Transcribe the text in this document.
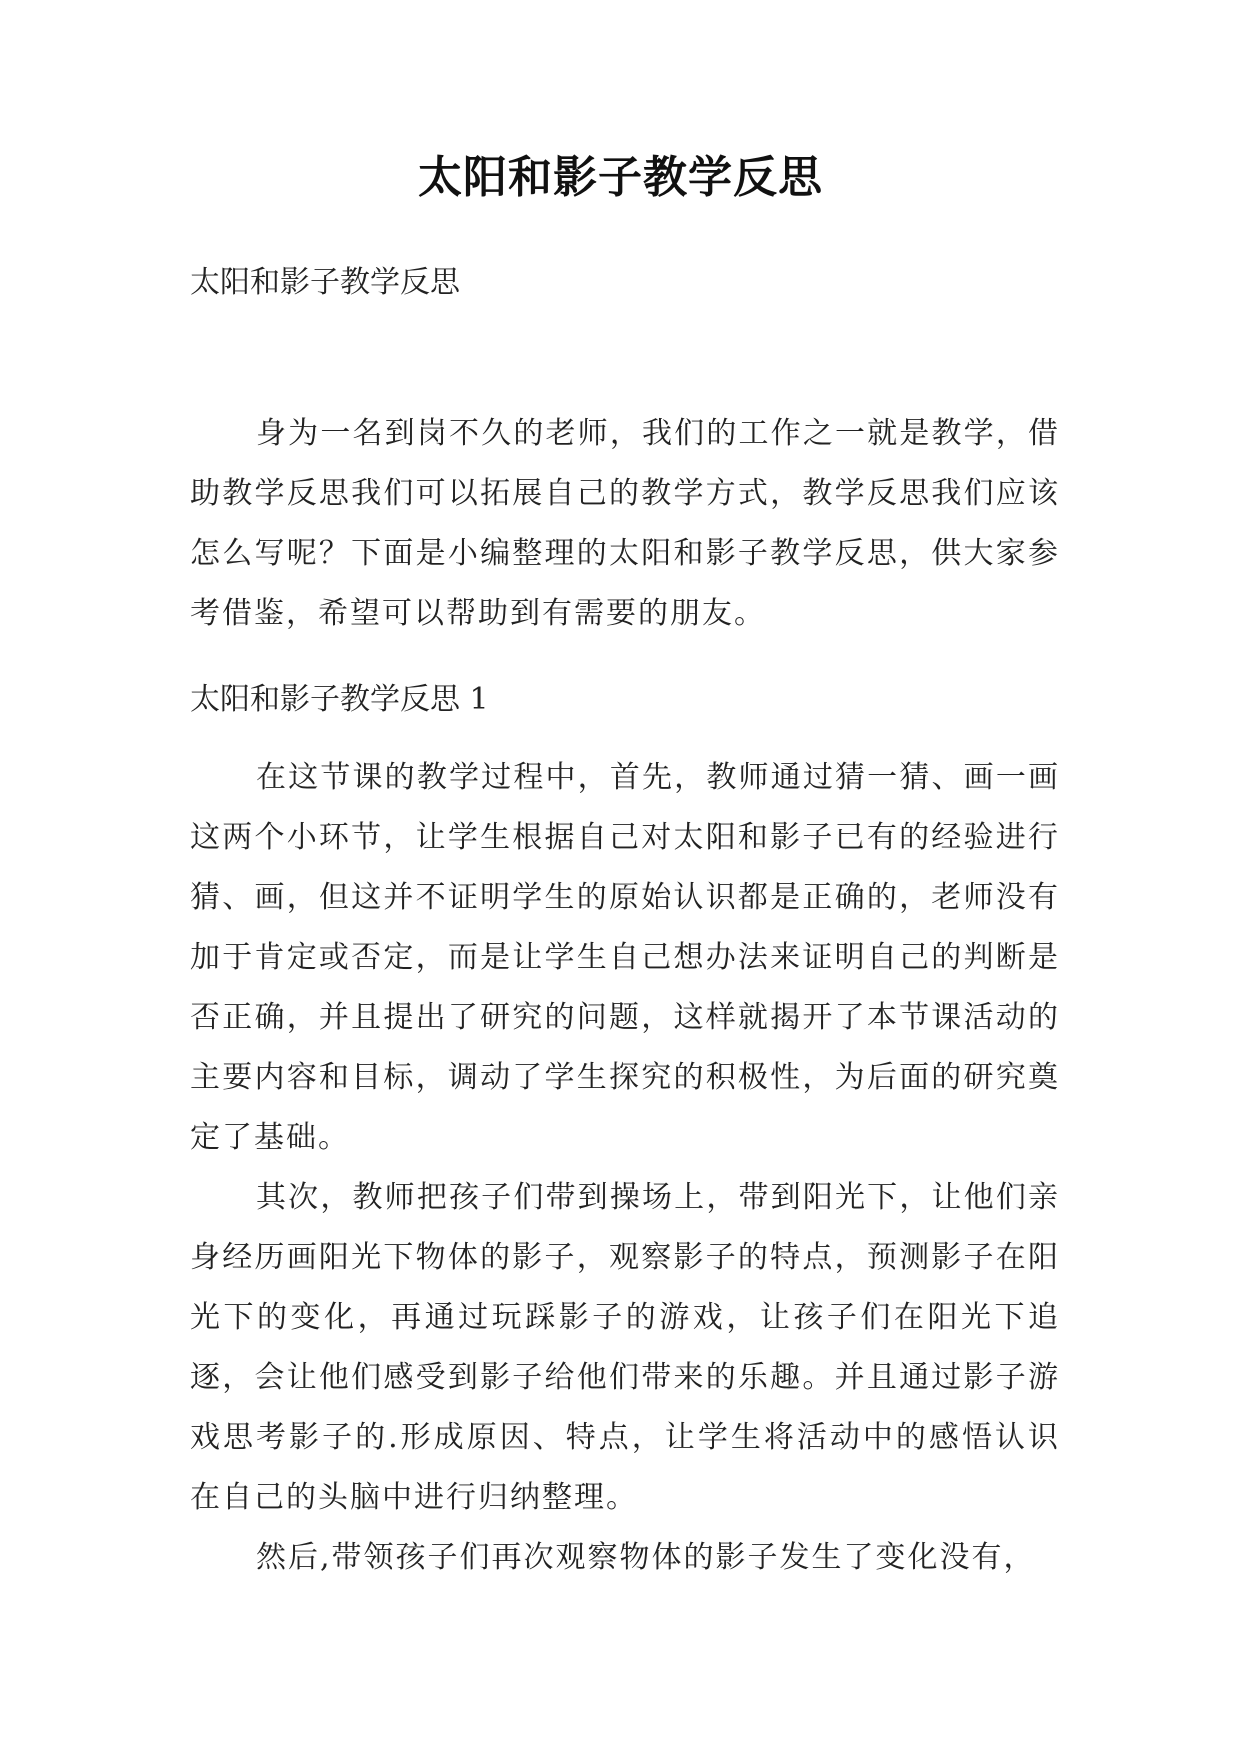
太阳和影子教学反思
太阳和影子教学反思

身为一名到岗不久的老师，我们的工作之一就是教学，借助教学反思我们可以拓展自己的教学方式，教学反思我们应该怎么写呢？下面是小编整理的太阳和影子教学反思，供大家参考借鉴，希望可以帮助到有需要的朋友。

太阳和影子教学反思 1

在这节课的教学过程中，首先，教师通过猜一猜、画一画这两个小环节，让学生根据自己对太阳和影子已有的经验进行猜、画，但这并不证明学生的原始认识都是正确的，老师没有加于肯定或否定，而是让学生自己想办法来证明自己的判断是否正确，并且提出了研究的问题，这样就揭开了本节课活动的主要内容和目标，调动了学生探究的积极性，为后面的研究奠定了基础。

其次，教师把孩子们带到操场上，带到阳光下，让他们亲身经历画阳光下物体的影子，观察影子的特点，预测影子在阳光下的变化，再通过玩踩影子的游戏，让孩子们在阳光下追逐，会让他们感受到影子给他们带来的乐趣。并且通过影子游戏思考影子的.形成原因、特点，让学生将活动中的感悟认识在自己的头脑中进行归纳整理。

然后,带领孩子们再次观察物体的影子发生了变化没有，
